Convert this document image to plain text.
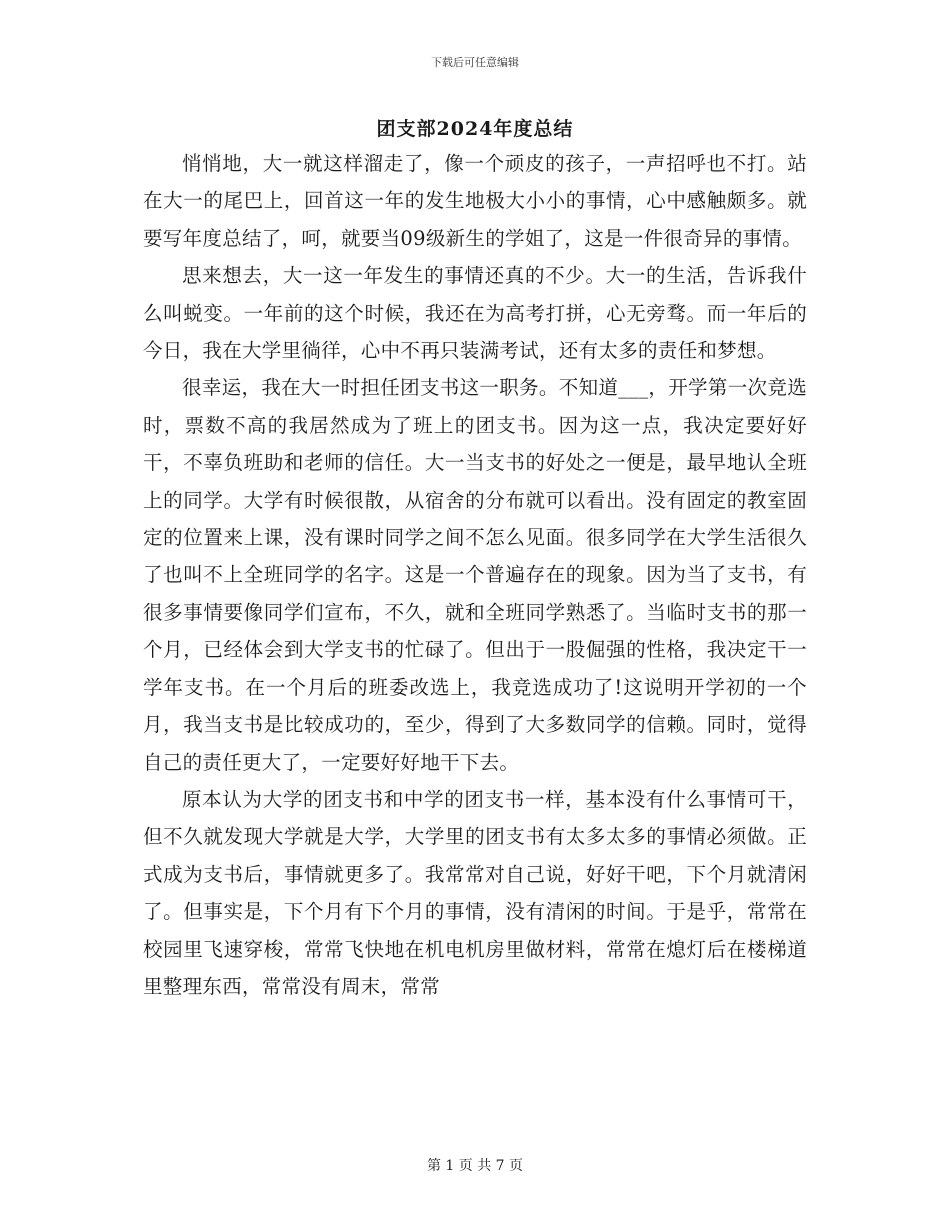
下载后可任意编辑
团支部2024年度总结

悄悄地，大一就这样溜走了，像一个顽皮的孩子，一声招呼也不打。站在大一的尾巴上，回首这一年的发生地极大小小的事情，心中感触颇多。就要写年度总结了，呵，就要当09级新生的学姐了，这是一件很奇异的事情。

思来想去，大一这一年发生的事情还真的不少。大一的生活，告诉我什么叫蜕变。一年前的这个时候，我还在为高考打拼，心无旁骛。而一年后的今日，我在大学里徜徉，心中不再只装满考试，还有太多的责任和梦想。

很幸运，我在大一时担任团支书这一职务。不知道___，开学第一次竞选时，票数不高的我居然成为了班上的团支书。因为这一点，我决定要好好干，不辜负班助和老师的信任。大一当支书的好处之一便是，最早地认全班上的同学。大学有时候很散，从宿舍的分布就可以看出。没有固定的教室固定的位置来上课，没有课时同学之间不怎么见面。很多同学在大学生活很久了也叫不上全班同学的名字。这是一个普遍存在的现象。因为当了支书，有很多事情要像同学们宣布，不久，就和全班同学熟悉了。当临时支书的那一个月，已经体会到大学支书的忙碌了。但出于一股倔强的性格，我决定干一学年支书。在一个月后的班委改选上，我竞选成功了!这说明开学初的一个月，我当支书是比较成功的，至少，得到了大多数同学的信赖。同时，觉得自己的责任更大了，一定要好好地干下去。

原本认为大学的团支书和中学的团支书一样，基本没有什么事情可干，但不久就发现大学就是大学，大学里的团支书有太多太多的事情必须做。正式成为支书后，事情就更多了。我常常对自己说，好好干吧，下个月就清闲了。但事实是，下个月有下个月的事情，没有清闲的时间。于是乎，常常在校园里飞速穿梭，常常飞快地在机电机房里做材料，常常在熄灯后在楼梯道里整理东西，常常没有周末，常常

第 1 页 共 7 页
